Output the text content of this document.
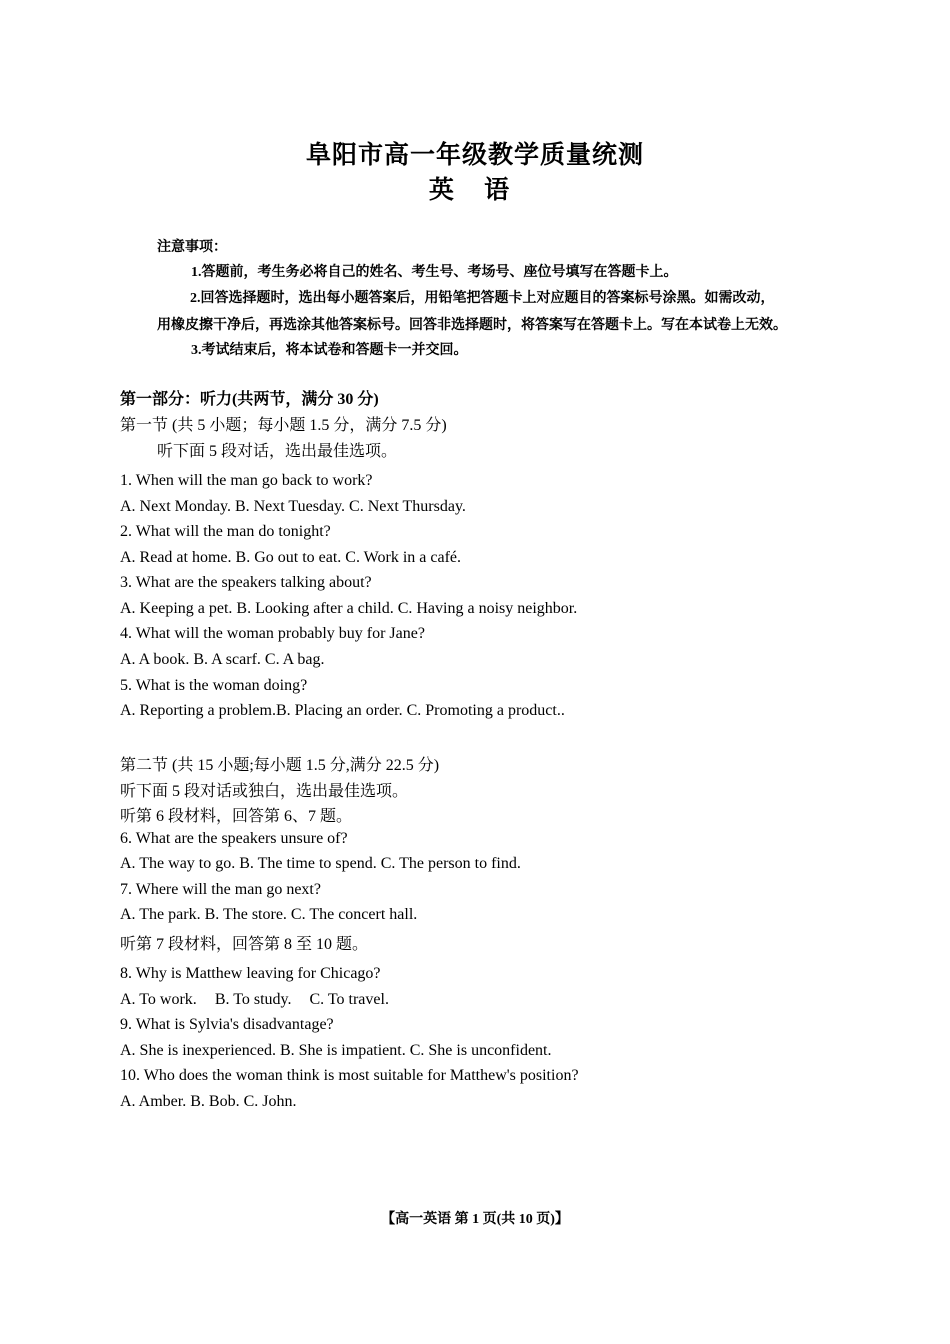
阜阳市高一年级教学质量统测
英 语
注意事项：
1.答题前，考生务必将自己的姓名、考生号、考场号、座位号填写在答题卡上。
2.回答选择题时，选出每小题答案后，用铅笔把答题卡上对应题目的答案标号涂黑。如需改动，
用橡皮擦干净后，再选涂其他答案标号。回答非选择题时，将答案写在答题卡上。写在本试卷上无效。
3.考试结束后，将本试卷和答题卡一并交回。
第一部分：听力(共两节，满分 30 分)
第一节 (共 5 小题；每小题 1.5 分，满分 7.5 分)
听下面 5 段对话，选出最佳选项。
1. When will the man go back to work?
A. Next Monday. B. Next Tuesday. C. Next Thursday.
2. What will the man do tonight?
A. Read at home. B. Go out to eat. C. Work in a café.
3. What are the speakers talking about?
A. Keeping a pet. B. Looking after a child. C. Having a noisy neighbor.
4. What will the woman probably buy for Jane?
A. A book. B. A scarf. C. A bag.
5. What is the woman doing?
A. Reporting a problem.B. Placing an order. C. Promoting a product..
第二节 (共 15 小题;每小题 1.5 分,满分 22.5 分)
听下面 5 段对话或独白，选出最佳选项。
听第 6 段材料，回答第 6、7 题。
6. What are the speakers unsure of?
A. The way to go. B. The time to spend. C. The person to find.
7. Where will the man go next?
A. The park. B. The store. C. The concert hall.
听第 7 段材料，回答第 8 至 10 题。
8. Why is Matthew leaving for Chicago?
A. To work. B. To study. C. To travel.
9. What is Sylvia's disadvantage?
A. She is inexperienced. B. She is impatient. C. She is unconfident.
10. Who does the woman think is most suitable for Matthew's position?
A. Amber. B. Bob. C. John.
【高一英语 第 1 页(共 10 页)】
